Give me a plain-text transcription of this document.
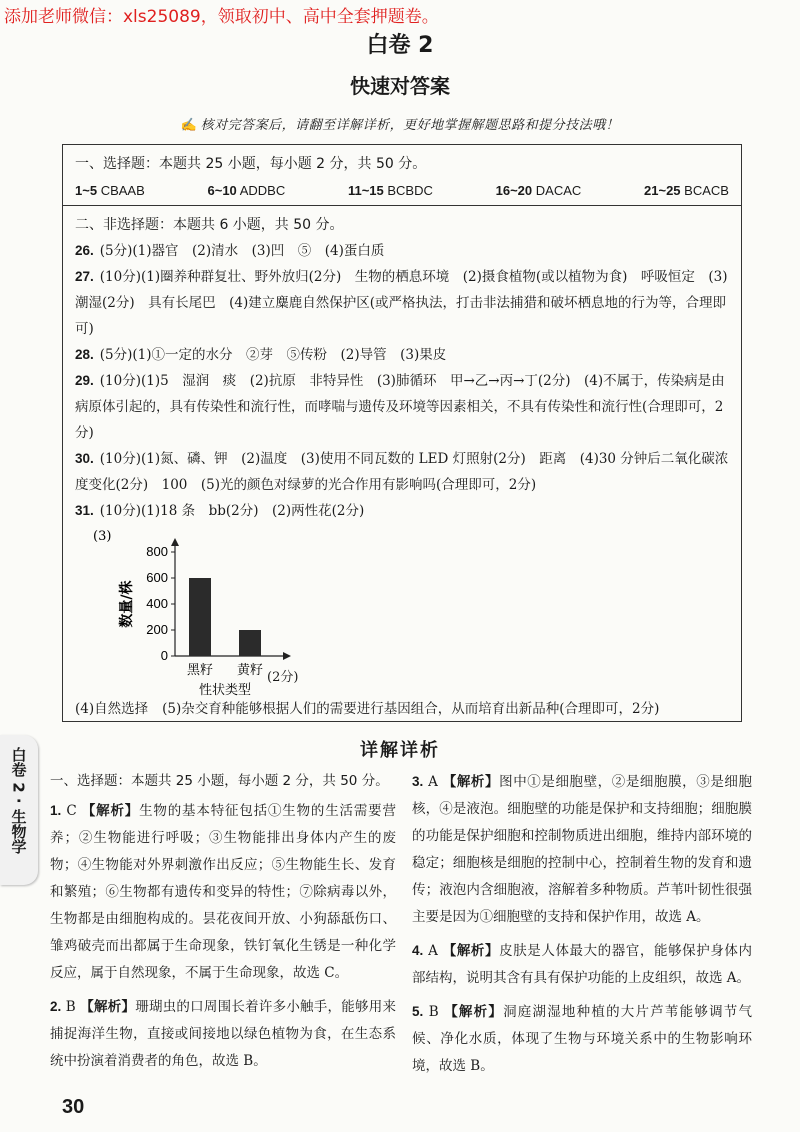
添加老师微信：xls25089，领取初中、高中全套押题卷。
白卷 2
快速对答案
✍ 核对完答案后，请翻至详解详析，更好地掌握解题思路和提分技法哦！
一、选择题：本题共 25 小题，每小题 2 分，共 50 分。
1~5 CBAAB	6~10 ADDBC	11~15 BCBDC	16~20 DACAC	21~25 BCACB
二、非选择题：本题共 6 小题，共 50 分。
26. (5分)(1)器官　(2)清水　(3)凹　⑤　(4)蛋白质
27. (10分)(1)圈养种群复壮、野外放归(2分)　生物的栖息环境　(2)摄食植物(或以植物为食)　呼吸恒定　(3)潮湿(2分)　具有长尾巴　(4)建立麋鹿自然保护区(或严格执法，打击非法捕猎和破坏栖息地的行为等，合理即可)
28. (5分)(1)①一定的水分　②芽　⑤传粉　(2)导管　(3)果皮
29. (10分)(1)5　湿润　痰　(2)抗原　非特异性　(3)肺循环　甲→乙→丙→丁(2分)　(4)不属于，传染病是由病原体引起的，具有传染性和流行性，而哮喘与遗传及环境等因素相关，不具有传染性和流行性(合理即可，2分)
30. (10分)(1)氮、磷、钾　(2)温度　(3)使用不同瓦数的 LED 灯照射(2分)　距离　(4)30 分钟后二氧化碳浓度变化(2分)　100　(5)光的颜色对绿萝的光合作用有影响吗(合理即可，2分)
31. (10分)(1)18 条　bb(2分)　(2)两性花(2分)
(3)
0
200
400
600
800
黑籽 黄籽
数量/株
性状类型
(2分)
(4)自然选择 (5)杂交育种能够根据人们的需要进行基因组合，从而培育出新品种(合理即可，2分)
白卷 2 · 生物学	详解详析
一、选择题：本题共 25 小题，每小题 2 分，共 50 分。
1. C 【解析】生物的基本特征包括①生物的生活需要营养；②生物能进行呼吸；③生物能排出身体内产生的废物；④生物能对外界刺激作出反应；⑤生物能生长、发育和繁殖；⑥生物都有遗传和变异的特性；⑦除病毒以外，生物都是由细胞构成的。昙花夜间开放、小狗舔舐伤口、雏鸡破壳而出都属于生命现象，铁钉氧化生锈是一种化学反应，属于自然现象，不属于生命现象，故选 C。
2. B 【解析】珊瑚虫的口周围长着许多小触手，能够用来捕捉海洋生物，直接或间接地以绿色植物为食，在生态系统中扮演着消费者的角色，故选 B。
3. A 【解析】图中①是细胞壁，②是细胞膜，③是细胞核，④是液泡。细胞壁的功能是保护和支持细胞；细胞膜的功能是保护细胞和控制物质进出细胞，维持内部环境的稳定；细胞核是细胞的控制中心，控制着生物的发育和遗传；液泡内含细胞液，溶解着多种物质。芦苇叶韧性很强主要是因为①细胞壁的支持和保护作用，故选 A。
4. A 【解析】皮肤是人体最大的器官，能够保护身体内部结构，说明其含有具有保护功能的上皮组织，故选 A。
5. B 【解析】洞庭湖湿地种植的大片芦苇能够调节气候、净化水质，体现了生物与环境关系中的生物影响环境，故选 B。
30
